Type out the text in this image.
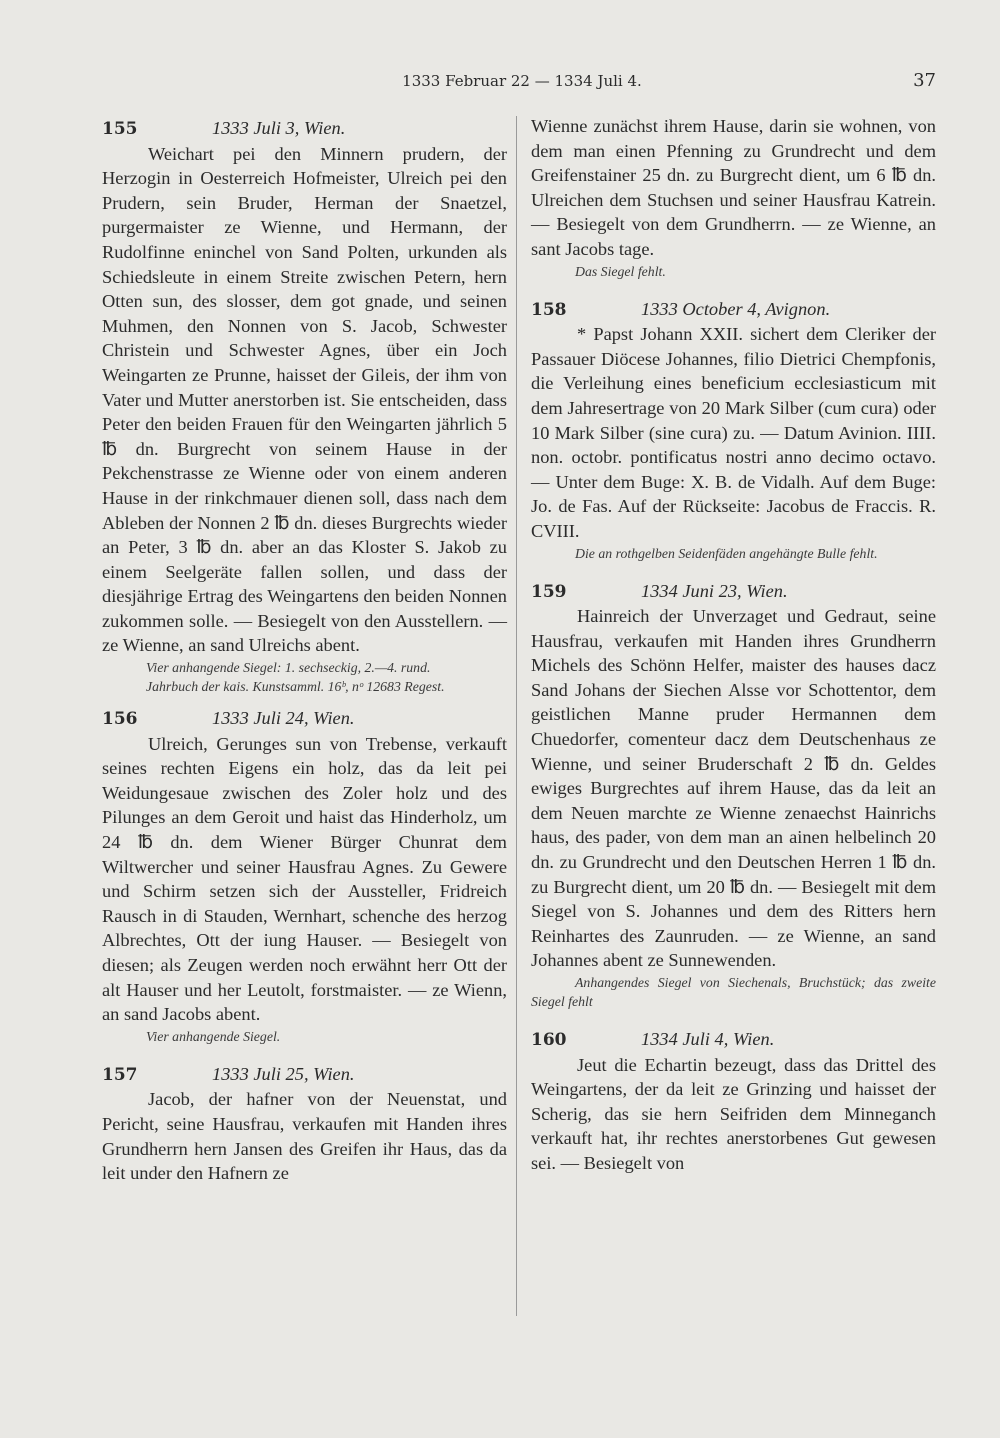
1333 Februar 22 — 1334 Juli 4.	37
155	1333 Juli 3, Wien.

Weichart pei den Minnern prudern, der Herzogin in Oesterreich Hofmeister, Ulreich pei den Prudern, sein Bruder, Herman der Snaetzel, purgermaister ze Wienne, und Hermann, der Rudolfinne eninchel von Sand Polten, urkunden als Schiedsleute in einem Streite zwischen Petern, hern Otten sun, des slosser, dem got gnade, und seinen Muhmen, den Nonnen von S. Jacob, Schwester Christein und Schwester Agnes, über ein Joch Weingarten ze Prunne, haisset der Gileis, der ihm von Vater und Mutter anerstorben ist. Sie entscheiden, dass Peter den beiden Frauen für den Weingarten jährlich 5 ℔ dn. Burgrecht von seinem Hause in der Pekchenstrasse ze Wienne oder von einem anderen Hause in der rinkchmauer dienen soll, dass nach dem Ableben der Nonnen 2 ℔ dn. dieses Burgrechts wieder an Peter, 3 ℔ dn. aber an das Kloster S. Jakob zu einem Seelgeräte fallen sollen, und dass der diesjährige Ertrag des Weingartens den beiden Nonnen zukommen solle. — Besiegelt von den Ausstellern. — ze Wienne, an sand Ulreichs abent.

Vier anhangende Siegel: 1. sechseckig, 2.—4. rund.

Jahrbuch der kais. Kunstsamml. 16ᵇ, nᵒ 12683 Regest.

156	1333 Juli 24, Wien.

Ulreich, Gerunges sun von Trebense, verkauft seines rechten Eigens ein holz, das da leit pei Weidungesaue zwischen des Zoler holz und des Pilunges an dem Geroit und haist das Hinderholz, um 24 ℔ dn. dem Wiener Bürger Chunrat dem Wiltwercher und seiner Hausfrau Agnes. Zu Gewere und Schirm setzen sich der Aussteller, Fridreich Rausch in di Stauden, Wernhart, schenche des herzog Albrechtes, Ott der iung Hauser. — Besiegelt von diesen; als Zeugen werden noch erwähnt herr Ott der alt Hauser und her Leutolt, forstmaister. — ze Wienn, an sand Jacobs abent.

Vier anhangende Siegel.

157	1333 Juli 25, Wien.

Jacob, der hafner von der Neuenstat, und Pericht, seine Hausfrau, verkaufen mit Handen ihres Grundherrn hern Jansen des Greifen ihr Haus, das da leit under den Hafnern ze

Wienne zunächst ihrem Hause, darin sie wohnen, von dem man einen Pfenning zu Grundrecht und dem Greifenstainer 25 dn. zu Burgrecht dient, um 6 ℔ dn. Ulreichen dem Stuchsen und seiner Hausfrau Katrein. — Besiegelt von dem Grundherrn. — ze Wienne, an sant Jacobs tage.

Das Siegel fehlt.

158	1333 October 4, Avignon.

* Papst Johann XXII. sichert dem Cleriker der Passauer Diöcese Johannes, filio Dietrici Chempfonis, die Verleihung eines beneficium ecclesiasticum mit dem Jahresertrage von 20 Mark Silber (cum cura) oder 10 Mark Silber (sine cura) zu. — Datum Avinion. IIII. non. octobr. pontificatus nostri anno decimo octavo. — Unter dem Buge: X. B. de Vidalh. Auf dem Buge: Jo. de Fas. Auf der Rückseite: Jacobus de Fraccis. R. CVIII.

Die an rothgelben Seidenfäden angehängte Bulle fehlt.

159	1334 Juni 23, Wien.

Hainreich der Unverzaget und Gedraut, seine Hausfrau, verkaufen mit Handen ihres Grundherrn Michels des Schönn Helfer, maister des hauses dacz Sand Johans der Siechen Alsse vor Schottentor, dem geistlichen Manne pruder Hermannen dem Chuedorfer, comenteur dacz dem Deutschenhaus ze Wienne, und seiner Bruderschaft 2 ℔ dn. Geldes ewiges Burgrechtes auf ihrem Hause, das da leit an dem Neuen marchte ze Wienne zenaechst Hainrichs haus, des pader, von dem man an ainen helbelinch 20 dn. zu Grundrecht und den Deutschen Herren 1 ℔ dn. zu Burgrecht dient, um 20 ℔ dn. — Besiegelt mit dem Siegel von S. Johannes und dem des Ritters hern Reinhartes des Zaunruden. — ze Wienne, an sand Johannes abent ze Sunnewenden.

Anhangendes Siegel von Siechenals, Bruchstück; das zweite Siegel fehlt

160	1334 Juli 4, Wien.

Jeut die Echartin bezeugt, dass das Drittel des Weingartens, der da leit ze Grinzing und haisset der Scherig, das sie hern Seifriden dem Minneganch verkauft hat, ihr rechtes anerstorbenes Gut gewesen sei. — Besiegelt von
